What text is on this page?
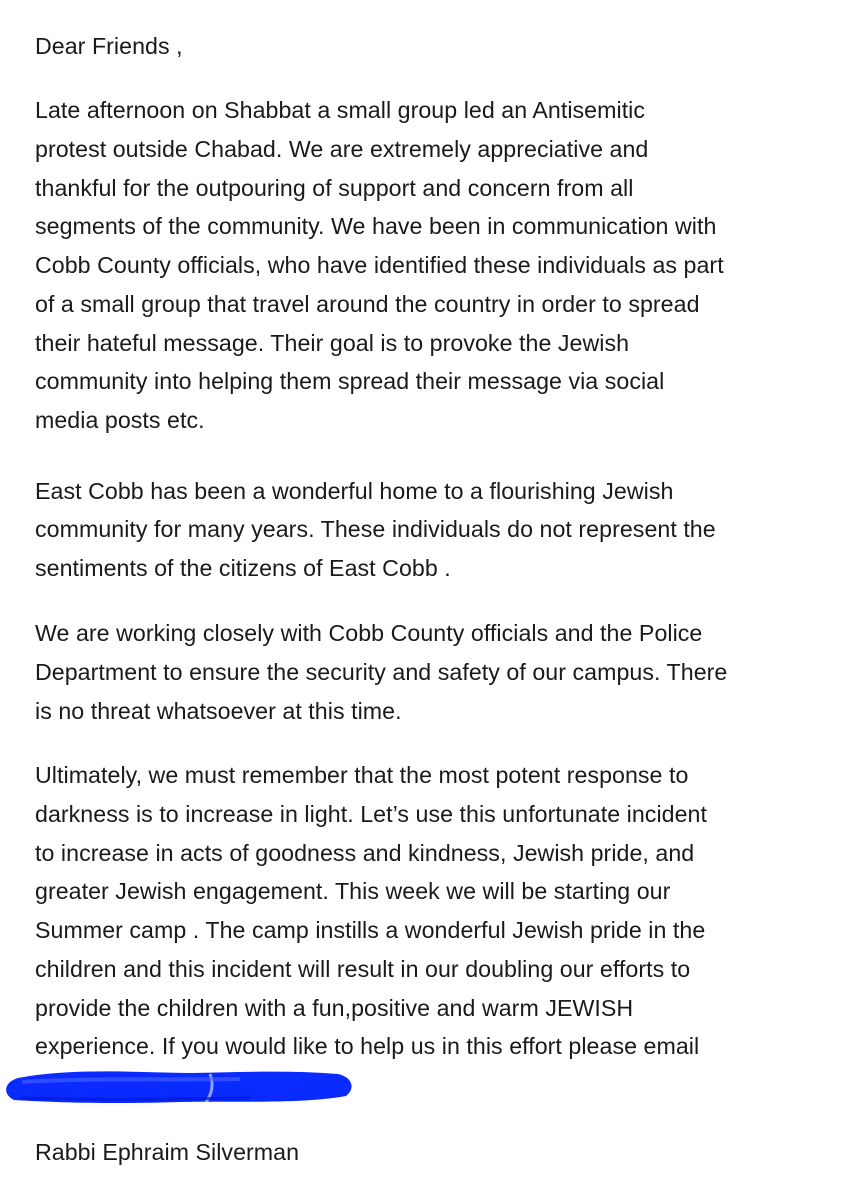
Dear Friends ,
Late afternoon on Shabbat a small group led an Antisemitic
protest outside Chabad. We are extremely appreciative and
thankful for the outpouring of support and concern from all
segments of the community. We have been in communication with
Cobb County officials, who have identified these individuals as part
of a small group that travel around the country in order to spread
their hateful message. Their goal is to provoke the Jewish
community into helping them spread their message via social
media posts etc.
East Cobb has been a wonderful home to a flourishing Jewish
community for many years. These individuals do not represent the
sentiments of the citizens of East Cobb .
We are working closely with Cobb County officials and the Police
Department to ensure the security and safety of our campus. There
is no threat whatsoever at this time.
Ultimately, we must remember that the most potent response to
darkness is to increase in light. Let’s use this unfortunate incident
to increase in acts of goodness and kindness, Jewish pride, and
greater Jewish engagement. This week we will be starting our
Summer camp . The camp instills a wonderful Jewish pride in the
children and this incident will result in our doubling our efforts to
provide the children with a fun,positive and warm JEWISH
experience. If you would like to help us in this effort please email
Rabbi Ephraim Silverman
